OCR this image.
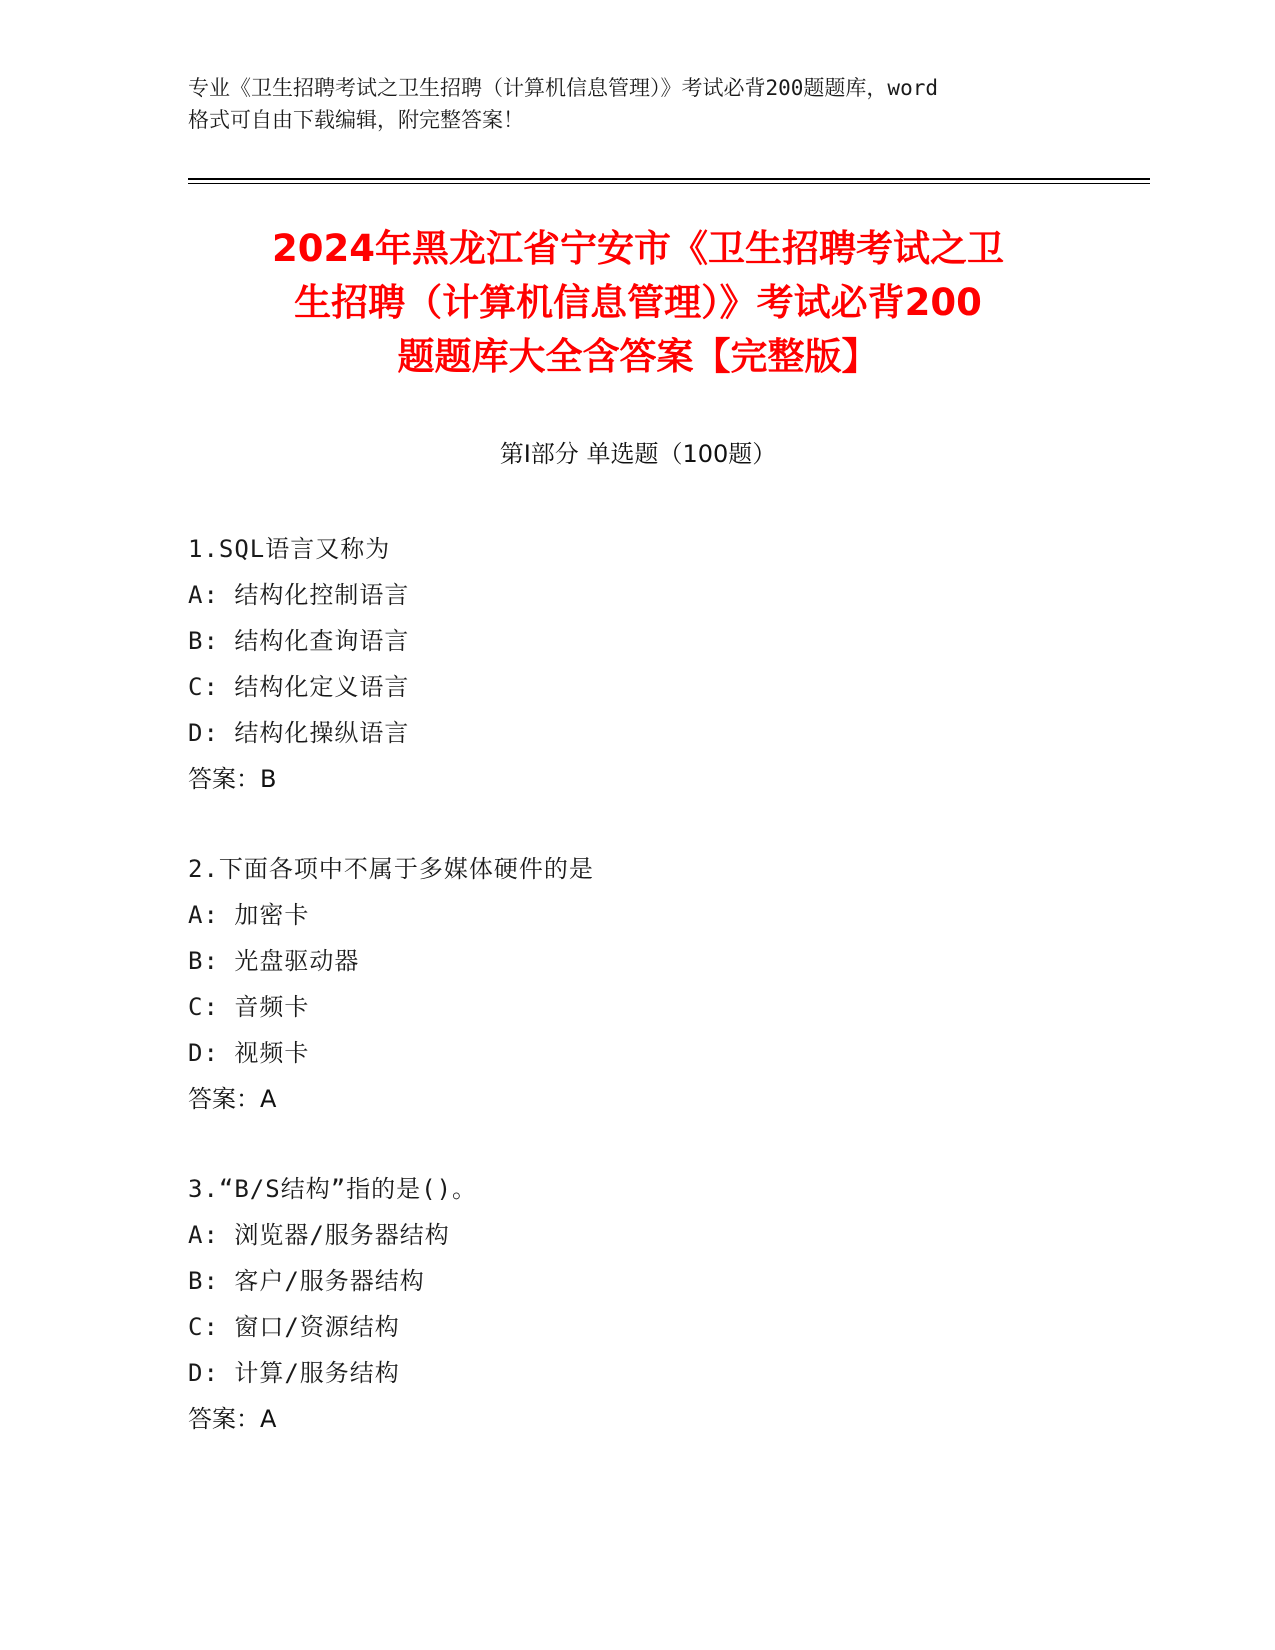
专业《卫生招聘考试之卫生招聘（计算机信息管理）》考试必背200题题库，word
格式可自由下载编辑，附完整答案！
2024年黑龙江省宁安市《卫生招聘考试之卫
生招聘（计算机信息管理）》考试必背200
题题库大全含答案【完整版】
第Ⅰ部分 单选题（100题）
1.SQL语言又称为
A: 结构化控制语言
B: 结构化查询语言
C: 结构化定义语言
D: 结构化操纵语言
答案：B
2.下面各项中不属于多媒体硬件的是
A: 加密卡
B: 光盘驱动器
C: 音频卡
D: 视频卡
答案：A
3.“B/S结构”指的是()。
A: 浏览器/服务器结构
B: 客户/服务器结构
C: 窗口/资源结构
D: 计算/服务结构
答案：A
